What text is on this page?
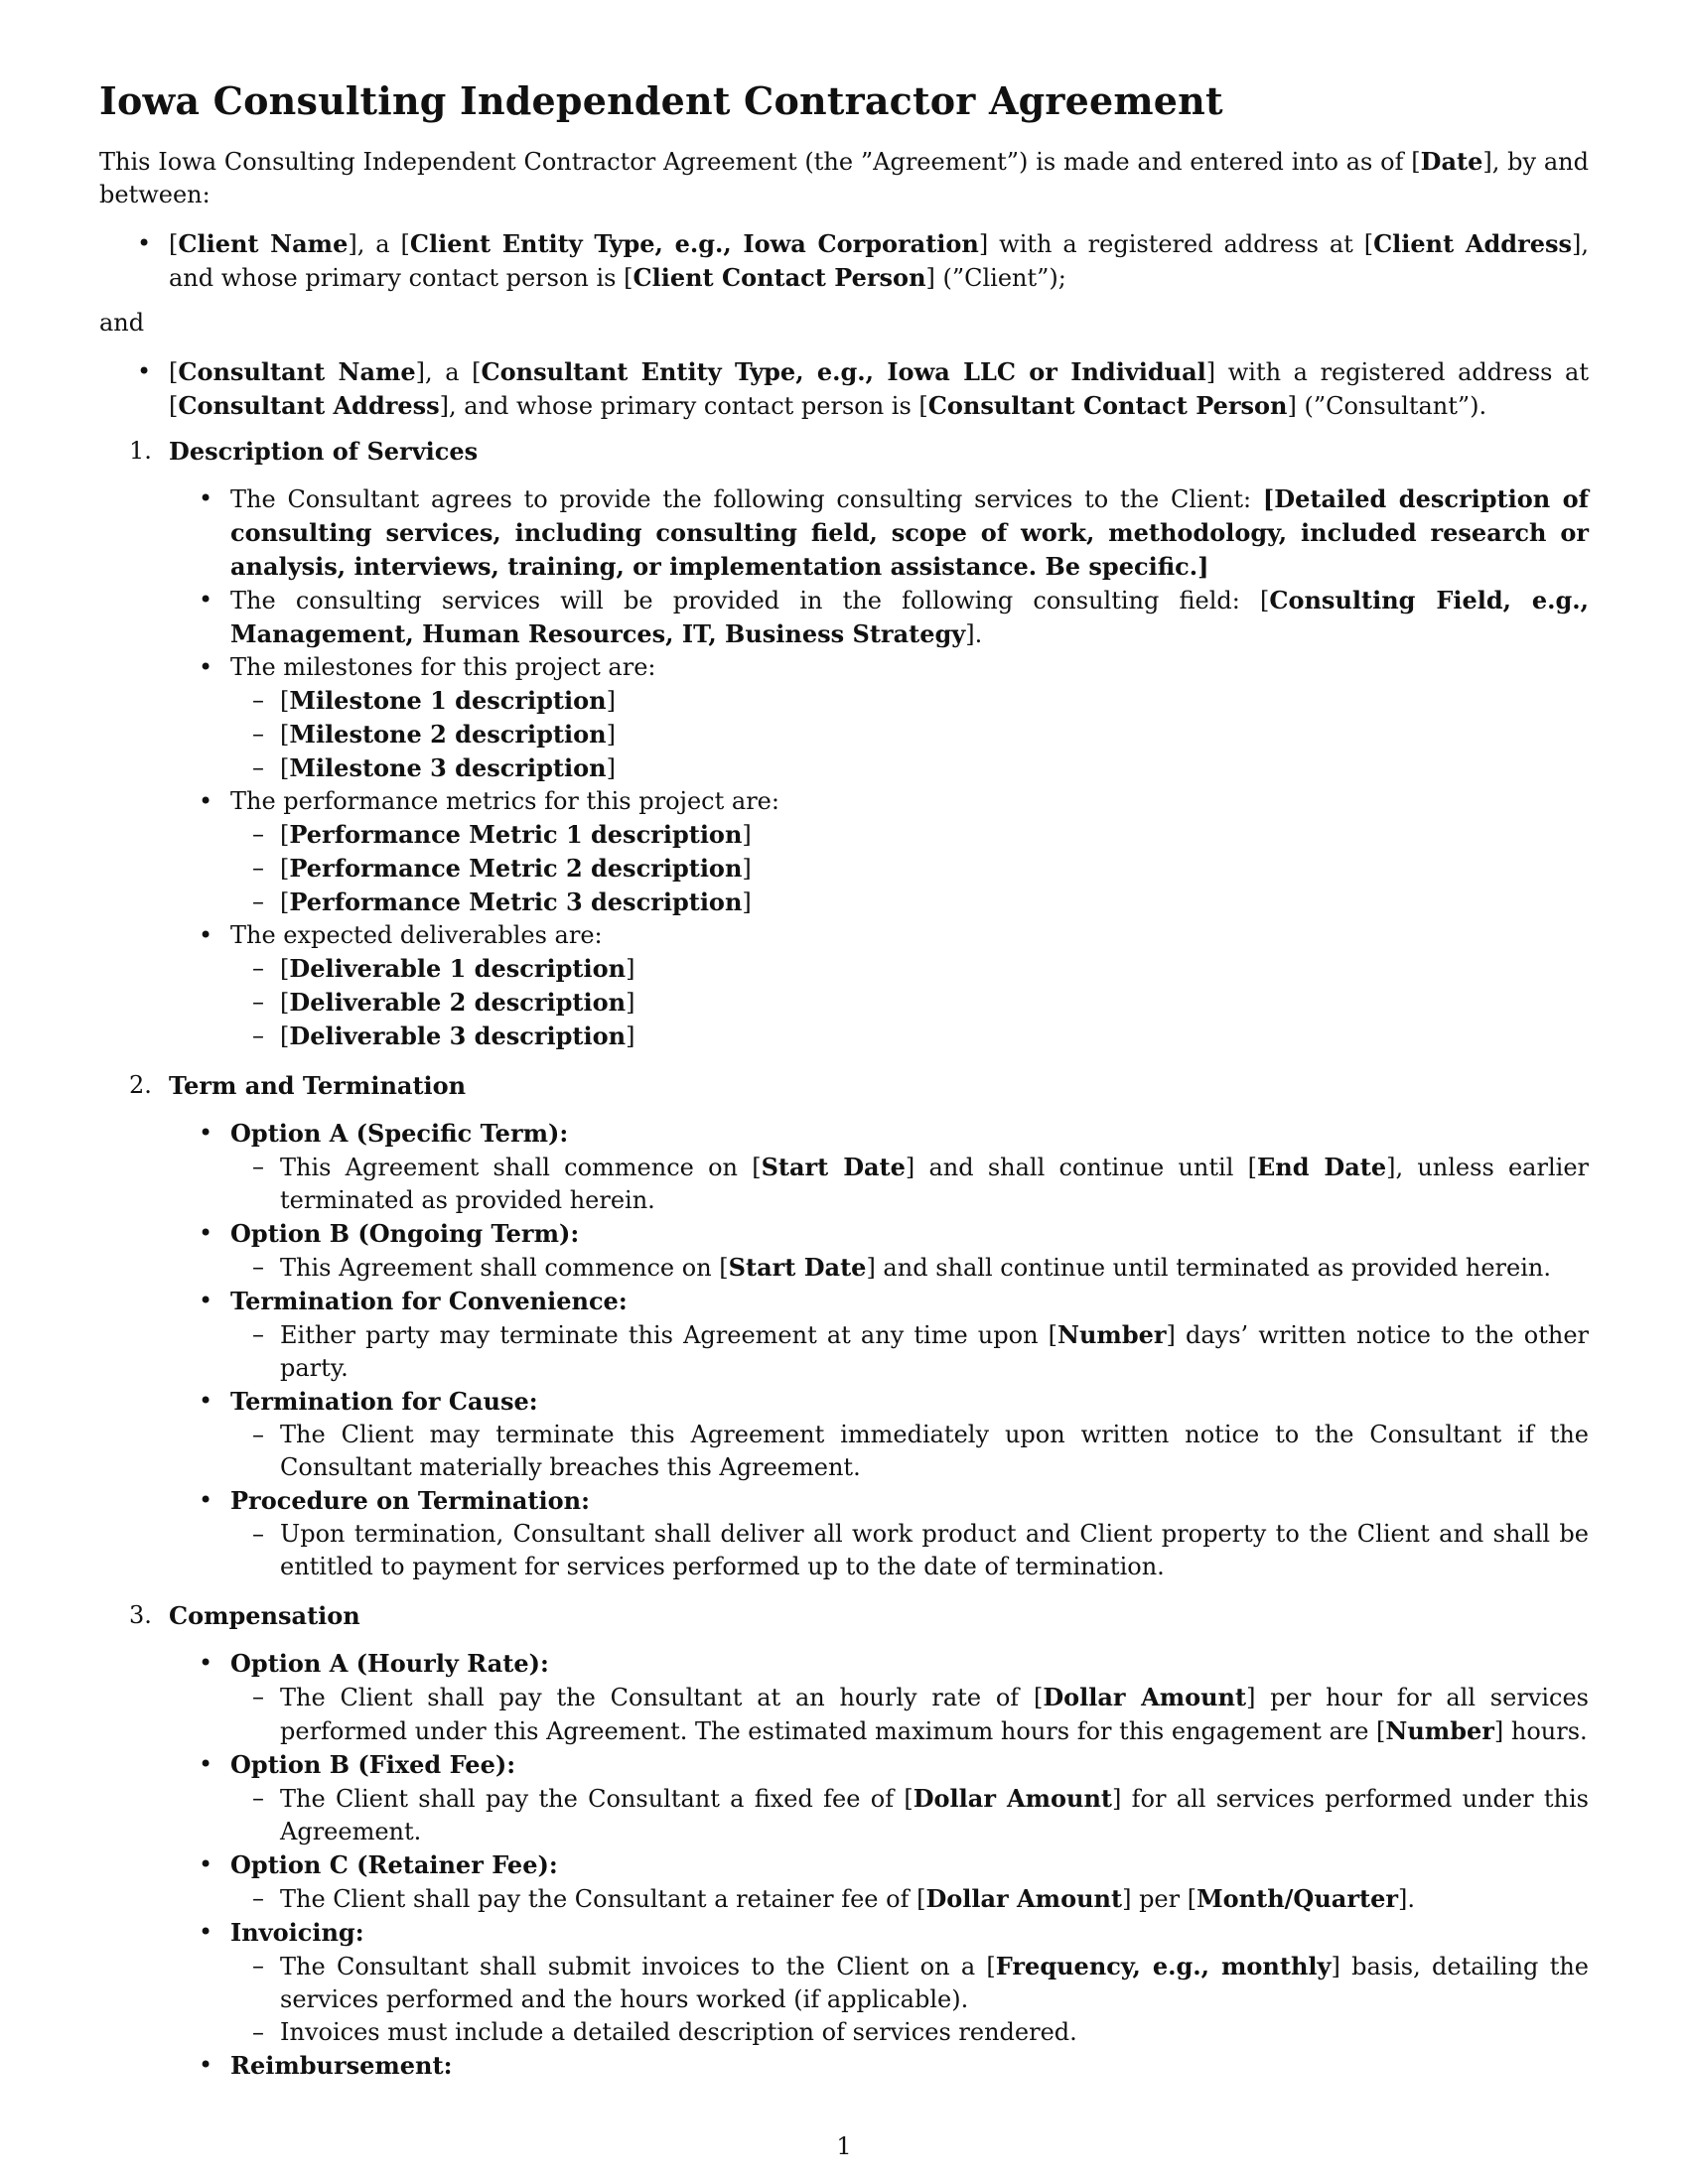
Iowa Consulting Independent Contractor Agreement

This Iowa Consulting Independent Contractor Agreement (the ”Agreement”) is made and entered into as of [Date], by and between:

• [Client Name], a [Client Entity Type, e.g., Iowa Corporation] with a registered address at [Client Address], and whose primary contact person is [Client Contact Person] (”Client”);

and

• [Consultant Name], a [Consultant Entity Type, e.g., Iowa LLC or Individual] with a registered address at [Consultant Address], and whose primary contact person is [Consultant Contact Person] (”Consultant”).
1. Description of Services
• The Consultant agrees to provide the following consulting services to the Client: [Detailed description of consulting services, including consulting field, scope of work, methodology, included research or analysis, interviews, training, or implementation assistance. Be specific.]
• The consulting services will be provided in the following consulting field: [Consulting Field, e.g., Management, Human Resources, IT, Business Strategy].
• The milestones for this project are:
– [Milestone 1 description]
– [Milestone 2 description]
– [Milestone 3 description]
• The performance metrics for this project are:
– [Performance Metric 1 description]
– [Performance Metric 2 description]
– [Performance Metric 3 description]
• The expected deliverables are:
– [Deliverable 1 description]
– [Deliverable 2 description]
– [Deliverable 3 description]
2. Term and Termination
• Option A (Specific Term):
– This Agreement shall commence on [Start Date] and shall continue until [End Date], unless earlier terminated as provided herein.
• Option B (Ongoing Term):
– This Agreement shall commence on [Start Date] and shall continue until terminated as provided herein.
• Termination for Convenience:
– Either party may terminate this Agreement at any time upon [Number] days’ written notice to the other party.
• Termination for Cause:
– The Client may terminate this Agreement immediately upon written notice to the Consultant if the Consultant materially breaches this Agreement.
• Procedure on Termination:
– Upon termination, Consultant shall deliver all work product and Client property to the Client and shall be entitled to payment for services performed up to the date of termination.
3. Compensation
• Option A (Hourly Rate):
– The Client shall pay the Consultant at an hourly rate of [Dollar Amount] per hour for all services performed under this Agreement. The estimated maximum hours for this engagement are [Number] hours.
• Option B (Fixed Fee):
– The Client shall pay the Consultant a fixed fee of [Dollar Amount] for all services performed under this Agreement.
• Option C (Retainer Fee):
– The Client shall pay the Consultant a retainer fee of [Dollar Amount] per [Month/Quarter].
• Invoicing:
– The Consultant shall submit invoices to the Client on a [Frequency, e.g., monthly] basis, detailing the services performed and the hours worked (if applicable).
– Invoices must include a detailed description of services rendered.
• Reimbursement:
1
